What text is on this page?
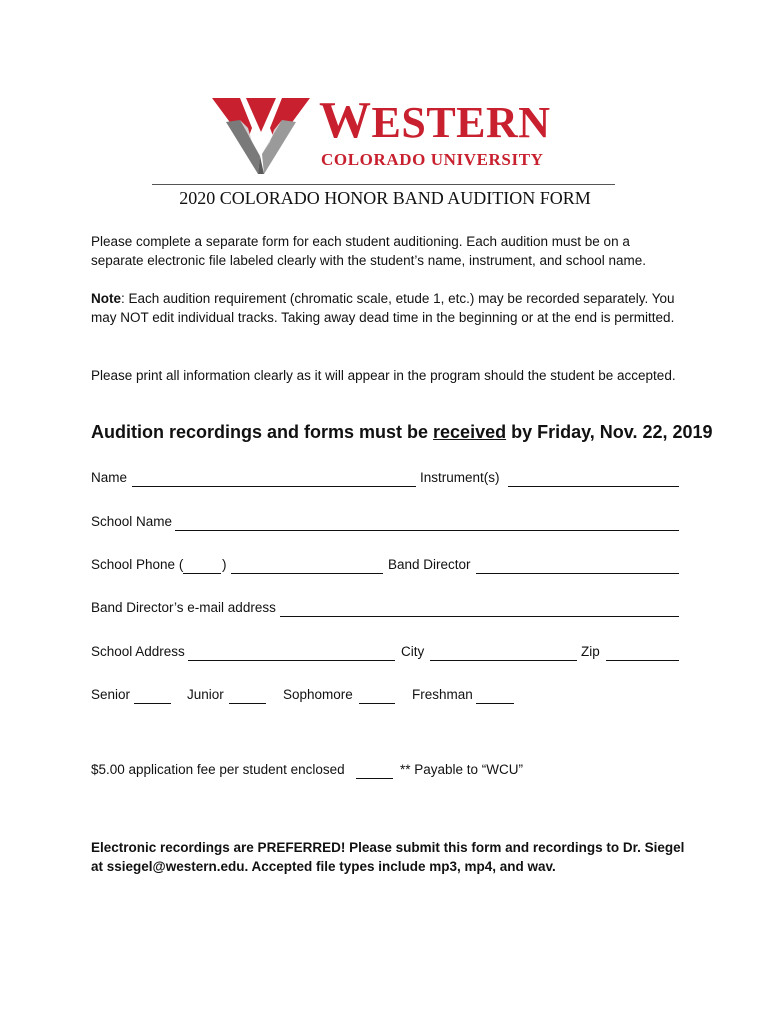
WESTERN
COLORADO UNIVERSITY
2020 COLORADO HONOR BAND AUDITION FORM

Please complete a separate form for each student auditioning. Each audition must be on a separate electronic file labeled clearly with the student’s name, instrument, and school name.

Note: Each audition requirement (chromatic scale, etude 1, etc.) may be recorded separately. You may NOT edit individual tracks. Taking away dead time in the beginning or at the end is permitted.

Please print all information clearly as it will appear in the program should the student be accepted.

Audition recordings and forms must be received by Friday, Nov. 22, 2019
Name	Instrument(s)
School Name
School Phone (	)	Band Director
Band Director’s e-mail address
School Address	City	Zip
Senior	Junior	Sophomore	Freshman
$5.00 application fee per student enclosed	** Payable to “WCU”

Electronic recordings are PREFERRED! Please submit this form and recordings to Dr. Siegel at ssiegel@western.edu. Accepted file types include mp3, mp4, and wav.
